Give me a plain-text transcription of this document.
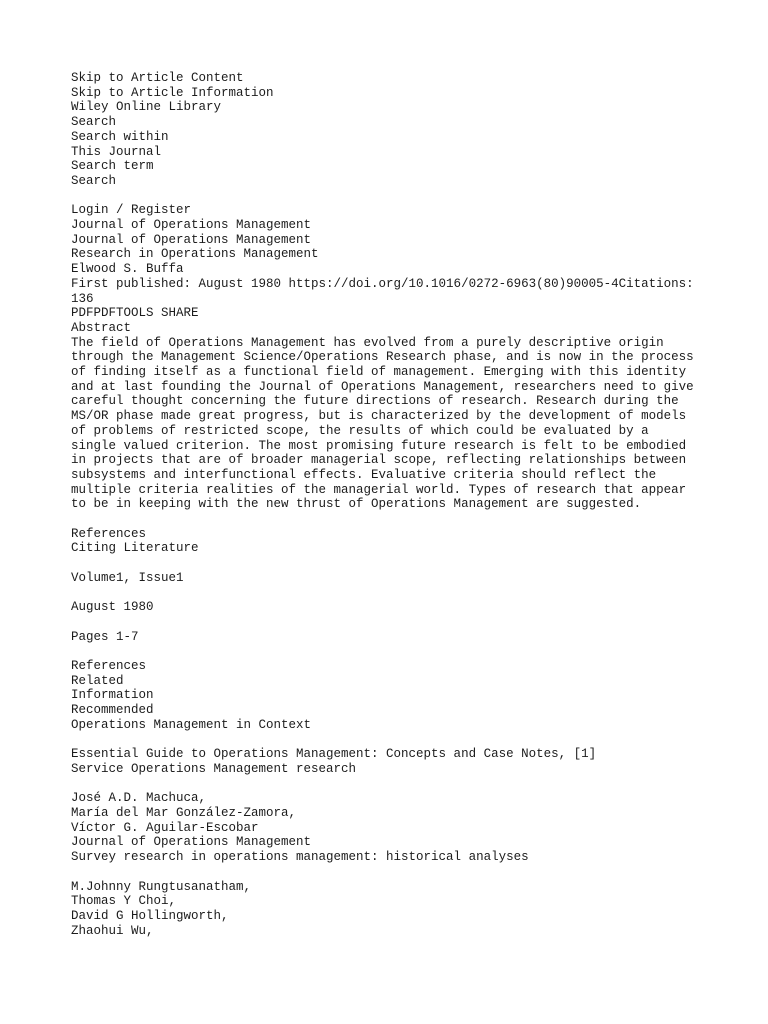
Skip to Article Content
Skip to Article Information
Wiley Online Library
Search
Search within
This Journal
Search term
Search
Login / Register
Journal of Operations Management
Journal of Operations Management
Research in Operations Management
Elwood S. Buffa
First published: August 1980 https://doi.org/10.1016/0272-6963(80)90005-4Citations: 136
PDFPDFTOOLS SHARE
Abstract
The field of Operations Management has evolved from a purely descriptive origin through the Management Science/Operations Research phase, and is now in the process of finding itself as a functional field of management. Emerging with this identity and at last founding the Journal of Operations Management, researchers need to give careful thought concerning the future directions of research. Research during the MS/OR phase made great progress, but is characterized by the development of models of problems of restricted scope, the results of which could be evaluated by a single valued criterion. The most promising future research is felt to be embodied in projects that are of broader managerial scope, reflecting relationships between subsystems and interfunctional effects. Evaluative criteria should reflect the multiple criteria realities of the managerial world. Types of research that appear to be in keeping with the new thrust of Operations Management are suggested.
References
Citing Literature
Volume1, Issue1
August 1980
Pages 1-7
References
Related
Information
Recommended
Operations Management in Context
Essential Guide to Operations Management: Concepts and Case Notes, [1]
Service Operations Management research
José A.D. Machuca,
María del Mar González-Zamora,
Víctor G. Aguilar-Escobar
Journal of Operations Management
Survey research in operations management: historical analyses
M.Johnny Rungtusanatham,
Thomas Y Choi,
David G Hollingworth,
Zhaohui Wu,
